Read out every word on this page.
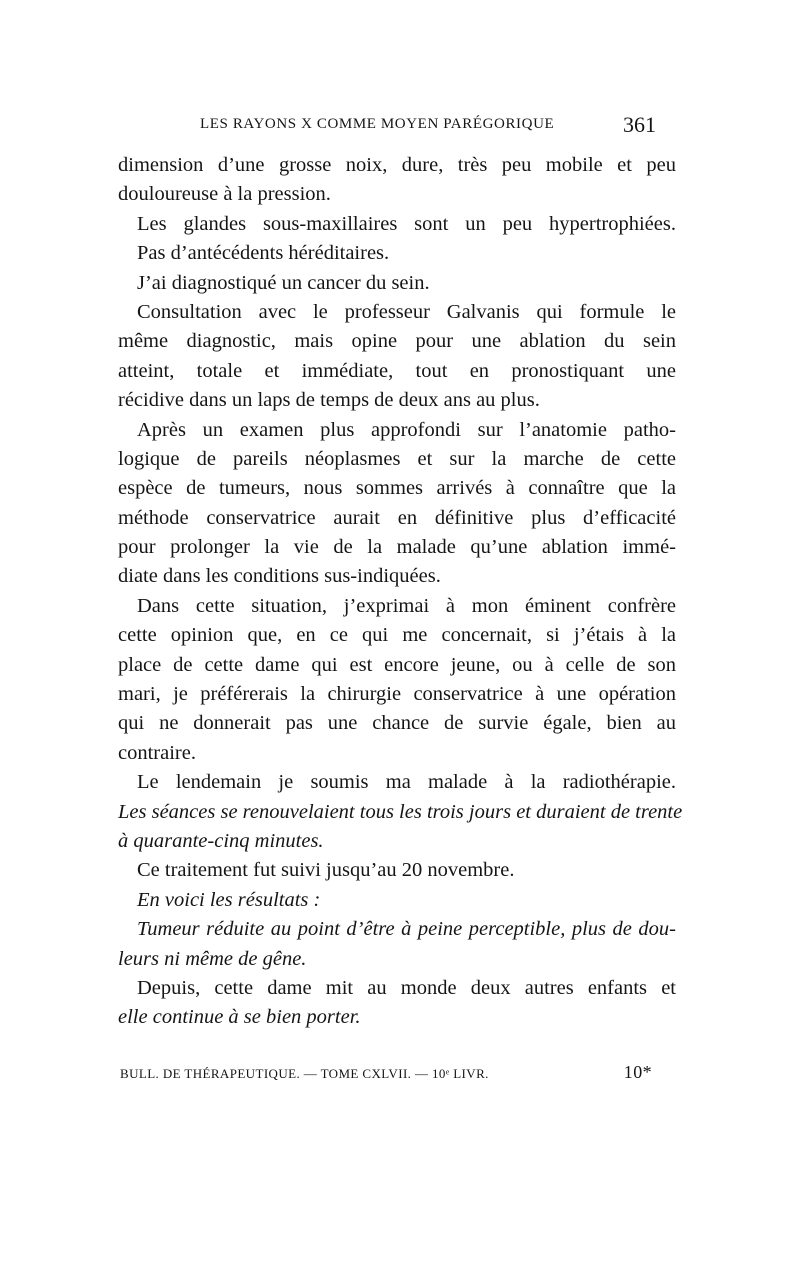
LES RAYONS X COMME MOYEN PARÉGORIQUE	361
dimension d’une grosse noix, dure, très peu mobile et peu
douloureuse à la pression.
Les glandes sous-maxillaires sont un peu hypertrophiées.
Pas d’antécédents héréditaires.
J’ai diagnostiqué un cancer du sein.
Consultation avec le professeur Galvanis qui formule le
même diagnostic, mais opine pour une ablation du sein
atteint, totale et immédiate, tout en pronostiquant une
récidive dans un laps de temps de deux ans au plus.
Après un examen plus approfondi sur l’anatomie patho-
logique de pareils néoplasmes et sur la marche de cette
espèce de tumeurs, nous sommes arrivés à connaître que la
méthode conservatrice aurait en définitive plus d’efficacité
pour prolonger la vie de la malade qu’une ablation immé-
diate dans les conditions sus-indiquées.
Dans cette situation, j’exprimai à mon éminent confrère
cette opinion que, en ce qui me concernait, si j’étais à la
place de cette dame qui est encore jeune, ou à celle de son
mari, je préférerais la chirurgie conservatrice à une opération
qui ne donnerait pas une chance de survie égale, bien au
contraire.
Le lendemain je soumis ma malade à la radiothérapie.
Les séances se renouvelaient tous les trois jours et duraient de trente
à quarante-cinq minutes.
Ce traitement fut suivi jusqu’au 20 novembre.
En voici les résultats :
Tumeur réduite au point d’être à peine perceptible, plus de dou-
leurs ni même de gêne.
Depuis, cette dame mit au monde deux autres enfants et
elle continue à se bien porter.
BULL. DE THÉRAPEUTIQUE. — TOME CXLVII. — 10ᵉ LIVR.	10*
